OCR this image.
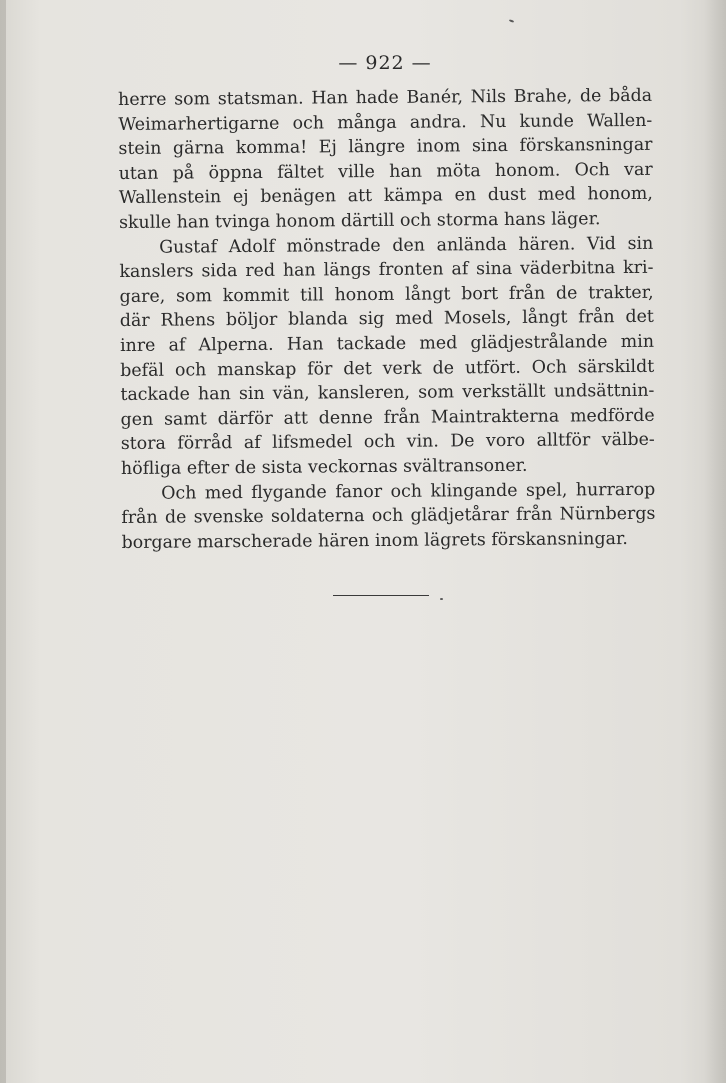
— 922 —
herre som statsman. Han hade Banér, Nils Brahe, de båda
Weimarhertigarne och många andra. Nu kunde Wallen-
stein gärna komma! Ej längre inom sina förskansningar
utan på öppna fältet ville han möta honom. Och var
Wallenstein ej benägen att kämpa en dust med honom,
skulle han tvinga honom därtill och storma hans läger.
Gustaf Adolf mönstrade den anlända hären. Vid sin
kanslers sida red han längs fronten af sina väderbitna kri-
gare, som kommit till honom långt bort från de trakter,
där Rhens böljor blanda sig med Mosels, långt från det
inre af Alperna. Han tackade med glädjestrålande min
befäl och manskap för det verk de utfört. Och särskildt
tackade han sin vän, kansleren, som verkställt undsättnin-
gen samt därför att denne från Maintrakterna medförde
stora förråd af lifsmedel och vin. De voro alltför välbe-
höfliga efter de sista veckornas svältransoner.
Och med flygande fanor och klingande spel, hurrarop
från de svenske soldaterna och glädjetårar från Nürnbergs
borgare marscherade hären inom lägrets förskansningar.
